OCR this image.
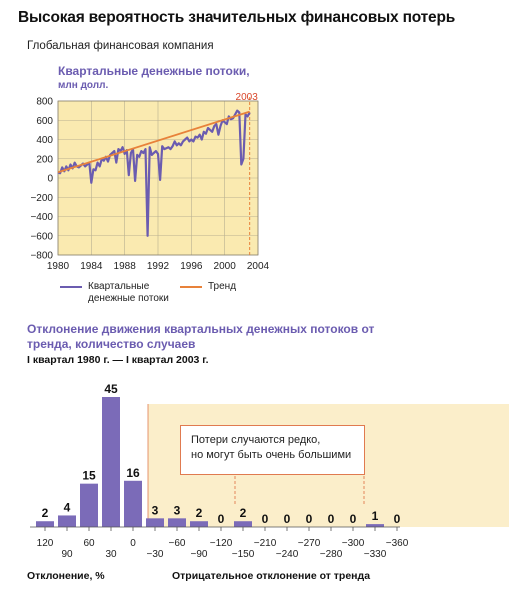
Высокая вероятность значительных финансовых потерь
Глобальная финансовая компания
Квартальные денежные потоки,
млн долл.
800
600
400
200
0
−200
−400
−600
−800
1980 1984 1988 1992 1996 2000 2004
2003
Квартальные денежные потоки
Тренд
Отклонение движения квартальных денежных потоков от тренда, количество случаев
I квартал 1980 г. — I квартал 2003 г.
2 4
15
45
16
3 3 2 0 2 0 0 0 0 0 1 0
120
90
60
30
0
−30
−60
−90
−120
−150
−210
−240
−270
−280
−300
−330
−360
Потери случаются редко,
но могут быть очень большими
Отклонение, %	Отрицательное отклонение от тренда
